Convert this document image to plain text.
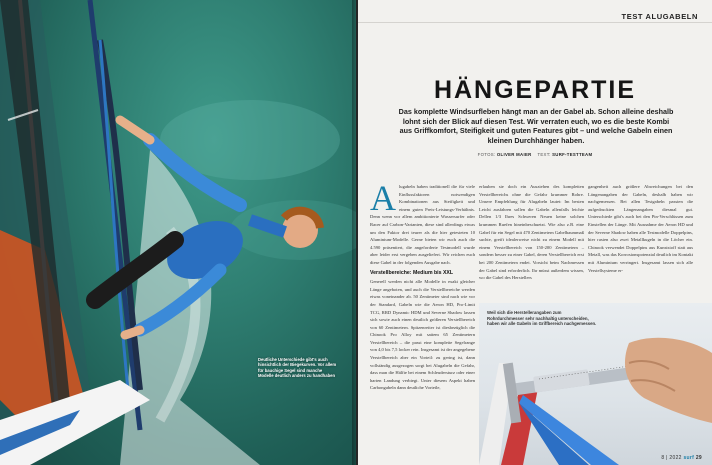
Deutliche Unterschiede gibt's auch hinsichtlich der Biegekurven. Vor allem für bauchige Segel sind manche Modelle deutlich anders zu handhaben
TEST ALUGABELN
HÄNGEPARTIE

Das komplette Windsurfleben hängt man an der Gabel ab. Schon alleine deshalb lohnt sich der Blick auf diesen Test. Wir verraten euch, wo es die beste Kombi aus Griffkomfort, Steifigkeit und guten Features gibt – und welche Gabeln einen kleinen Durchhänger haben.

FOTOS: OLIVER MAIER TEXT: SURF-TESTTEAM

Alugabeln haben traditionell die für viele Einflussfaktoren notwendigen Kombinationen aus Steifigkeit und einem guten Preis-Leistungs-Verhältnis. Denn wenn vor allem ambitionierte Wassersurfer oder Racer auf Carbon-Varianten, diese sind allerdings etwas um den Faktor drei teurer als die hier getesteten 10 Aluminium-Modelle. Gerne bieten wir euch auch die 4.590 präsentiert, die angeforderte Testmodell wurde aber leider erst vergeben ausgeliefert. Wir reichen euch diese Gabel in der folgenden Ausgabe nach.

Verstellbereiche: Medium bis XXL

Generell werden nicht alle Modelle in exakt gleicher Länge angeboten, und auch die Verstellbereiche werden etwas voneinander ab. 50 Zentimeter sind nach wie vor der Standard, Gabeln wie die Aeron HD, Pro-Limit TCG, RRD Dynamic HDM und Severne Shadow lassen sich sowie auch einen deutlich größeren Verstellbereich von 60 Zentimetern. Spitzenreiter ist diesbezüglich die Chinook Pro Alloy mit sattem 65 Zentimetern Verstellbereich – die passt eine komplette Segelrange von 4,0 bis 7,5 locker rein. Insgesamt ist der angegebene Verstellbereich aber ein Vorteil: zu gering ist, dann vollständig ausgezogen sorgt bei Alugabeln die Gefahr, dass man die Hälfte bei einem Schleudersturz oder einer harten Landung verbiegt. Unter diesem Aspekt haben Carbongabeln dann deutliche Vorteile,

erlauben sie doch ein Ausziehen des kompletten Verstellbereichs ohne die Gefahr krummer Rohre. Unsere Empfehlung für Alugabeln lautet: Im besten Leicht ausfahren sollen die Gabeln allenfalls leichte Dellen 1/3 Ihres Schweren Neuen keine solchen krummen Ruefen hineinbeschuetzt. Wie also z.B. eine Gabel für ein Segel mit 470 Zentimetern Gabelbaummaß suchte, greift idealerweise nicht zu einem Modell mit einem Verstellbereich von 150-200 Zentimetern – sondern besser zu einer Gabel, deren Verstellbereich erst bei 200 Zentimetern endet. Vorsicht beim Nachmessen der Gabel sind erforderlich. Ihr müsst außerdem wissen, wo die Gabel des Herstellers

gangenheit auch größere Abweichungen bei den Längenangaben der Gabeln, deshalb haben wir nachgemessen. Bei allen Testgabeln passten die aufgedruckten Längenangaben diesmal gut. Unterschiede gibt's auch bei den Pin-Verschlüssen zum Einstellen der Länge. Mit Ausnahme der Aeron HD und der Severne Shadow haben alle Testmodelle Doppelpins, hier rasten also zwei Metallkugeln in die Löcher ein. Chinook verwendet Doppelpins aus Kunststoff statt aus Metall, was das Korrosionspotenzial deutlich im Kontakt mit Aluminium verringert. Insgesamt lassen sich alle Verstellsysteme er-

Weil sich die Herstellerangaben zum Rohrdurchmesser sehr nachhaltig unterscheiden, haben wir alle Gabeln im Griffbereich nachgemessen.
8 | 2022 surf 29
